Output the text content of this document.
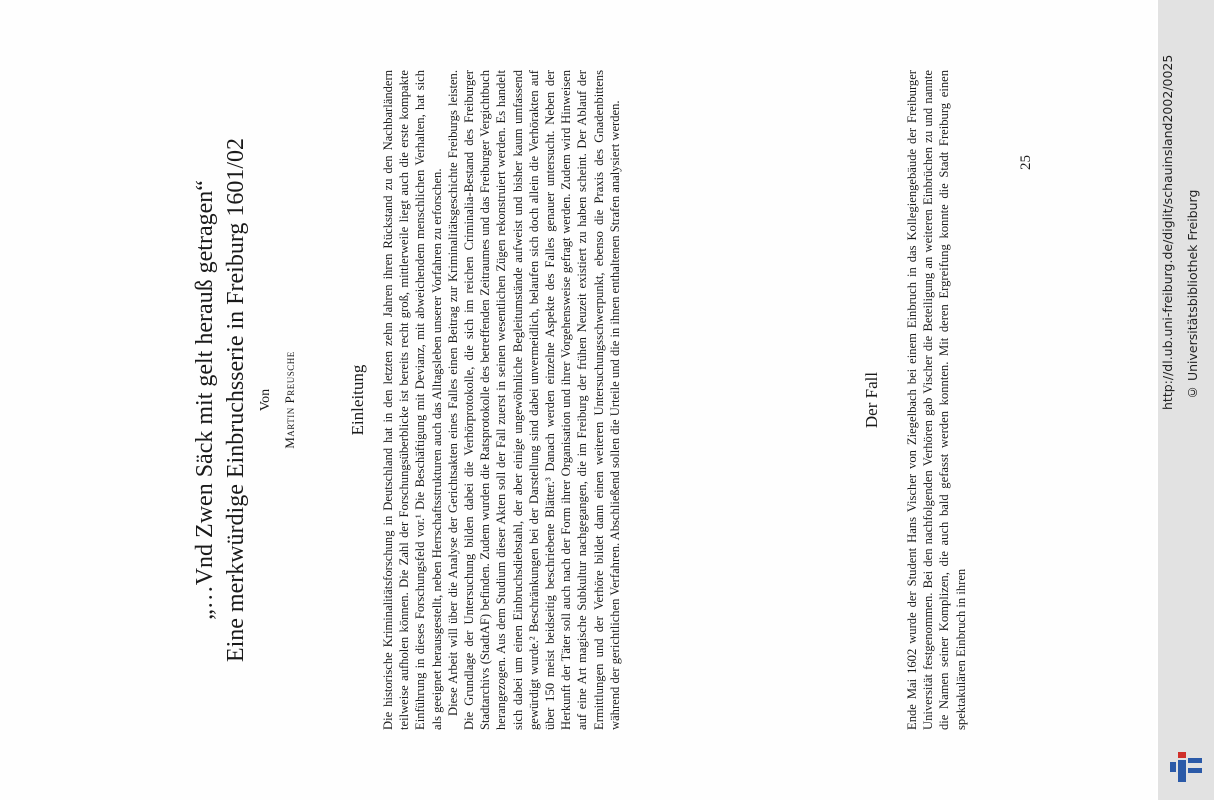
„…Vnd Zwen Säck mit gelt herauß getragen“ Eine merkwürdige Einbruchsserie in Freiburg 1601/02 Von Martin Preusche	Einleitung Die historische Kriminalitätsforschung in Deutschland hat in den letzten zehn Jahren ihren Rückstand zu den Nachbarländern teilweise aufholen können. Die Zahl der Forschungsüberblicke ist bereits recht groß, mittlerweile liegt auch die erste kompakte Einführung in dieses Forschungsfeld vor.¹ Die Beschäftigung mit Devianz, mit abweichendem menschlichen Verhalten, hat sich als geeignet herausgestellt, neben Herrschaftsstrukturen auch das Alltagsleben unserer Vorfahren zu erforschen. Diese Arbeit will über die Analyse der Gerichtsakten eines Falles einen Beitrag zur Kriminalitätsgeschichte Freiburgs leisten. Die Grundlage der Untersuchung bilden dabei die Verhörprotokolle, die sich im reichen Criminalia-Bestand des Freiburger Stadtarchivs (StadtAF) befinden. Zudem wurden die Ratsprotokolle des betreffenden Zeitraumes und das Freiburger Vergichtbuch herangezogen. Aus dem Studium dieser Akten soll der Fall zuerst in seinen wesentlichen Zügen rekonstruiert werden. Es handelt sich dabei um einen Einbruchsdiebstahl, der aber einige ungewöhnliche Begleitumstände aufweist und bisher kaum umfassend gewürdigt wurde.² Beschränkungen bei der Darstellung sind dabei unvermeidlich, belaufen sich doch allein die Verhörakten auf über 150 meist beidseitig beschriebene Blätter.³ Danach werden einzelne Aspekte des Falles genauer untersucht. Neben der Herkunft der Täter soll auch nach der Form ihrer Organisation und ihrer Vorgehensweise gefragt werden. Zudem wird Hinweisen auf eine Art magische Subkultur nachgegangen, die im Freiburg der frühen Neuzeit existiert zu haben scheint. Der Ablauf der Ermittlungen und der Verhöre bildet dann einen weiteren Untersuchungsschwerpunkt, ebenso die Praxis des Gnadenbittens während der gerichtlichen Verfahren. Abschließend sollen die Urteile und die in ihnen enthaltenen Strafen analysiert werden.	Der Fall Ende Mai 1602 wurde der Student Hans Vischer von Ziegelbach bei einem Einbruch in das Kollegiengebäude der Freiburger Universität festgenommen. Bei den nachfolgenden Verhören gab Vischer die Beteiligung an weiteren Einbrüchen zu und nannte die Namen seiner Komplizen, die auch bald gefasst werden konnten. Mit deren Ergreifung konnte die Stadt Freiburg einen spektakulären Einbruch in ihren

25	http://dl.ub.uni-freiburg.de/diglit/schauinsland2002/0025 © Universitätsbibliothek Freiburg
